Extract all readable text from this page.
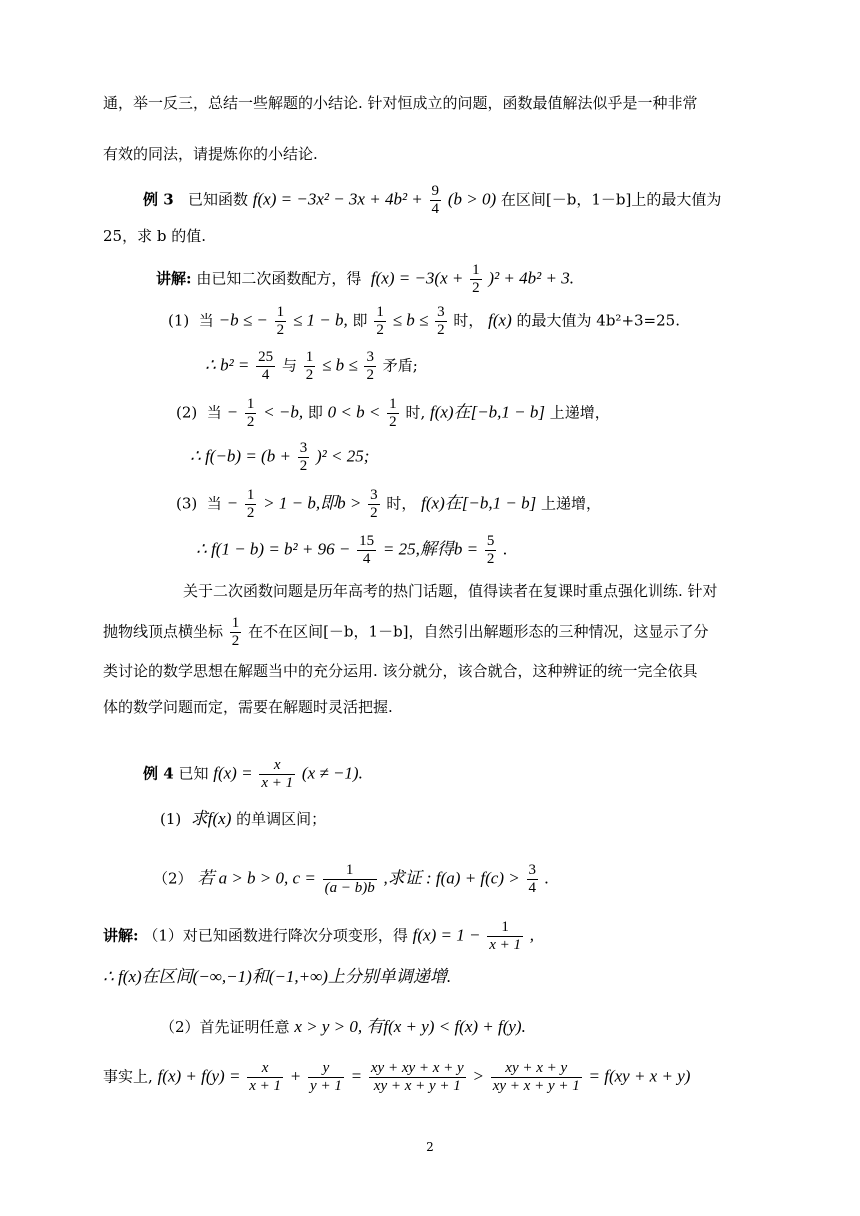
通，举一反三，总结一些解题的小结论. 针对恒成立的问题，函数最值解法似乎是一种非常
有效的同法，请提炼你的小结论.
例 3 已知函数 $f(x) = -3x^2 - 3x + 4b^2 + \frac{9}{4} (b > 0)$ 在区间[－b，1－b]上的最大值为
25，求 b 的值.
讲解: 由已知二次函数配方，得 $f(x) = -3(x + \frac{1}{2} )^2 + 4b^2 + 3$.
(1) 当 −b ≤ − $\frac{1}{2} \le 1 - b$, 即 $\frac{1}{2} \le b \le \frac{3}{2}$ 时， f(x) 的最大值为 4b²+3=25.
∴ $b^2 = \frac{25}{4}$ 与 $\frac{1}{2} \le b \le \frac{3}{2}$ 矛盾;
(2) 当 − $\frac{1}{2} < -b$, 即 $0 < b < \frac{1}{2}$ 时, f(x)在[−b,1 − b] 上递增，
∴ $f(-b) = (b + \frac{3}{2} )^2 < 25$;
(3) 当 − $\frac{1}{2} > 1 - b$,即$b > \frac{3}{2}$ 时， f(x)在[−b,1 − b] 上递增，
∴ $f(1 - b) = b^2 + 96 - \frac{15}{4} = 25$,解得$b = \frac{5}{2}$ .
关于二次函数问题是历年高考的热门话题，值得读者在复课时重点强化训练. 针对
抛物线顶点横坐标 $\frac{1}{2}$ 在不在区间[－b，1－b]，自然引出解题形态的三种情况，这显示了分
类讨论的数学思想在解题当中的充分运用. 该分就分，该合就合，这种辨证的统一完全依具
体的数学问题而定，需要在解题时灵活把握.
例 4 已知 $f(x) = \frac{x}{x + 1} (x \ne -1)$.
(1) 求f(x) 的单调区间；
（2） 若 a > b > 0, $c = \frac{1}{(a - b)b}$ ,求证 : $f(a) + f(c) > \frac{3}{4}$ .
讲解: （1）对已知函数进行降次分项变形，得 $f(x) = 1 - \frac{1}{x + 1}$ ,
∴ f(x)在区间(−∞,−1)和(−1,+∞)上分别单调递增.
（2）首先证明任意 x > y > 0, 有f(x + y) < f(x) + f(y).
事实上, $f(x) + f(y) = \frac{x}{x + 1} + \frac{y}{y + 1} = \frac{xy + xy + x + y}{xy + x + y + 1} > \frac{xy + x + y}{xy + x + y + 1} = f(xy + x + y)$
2
